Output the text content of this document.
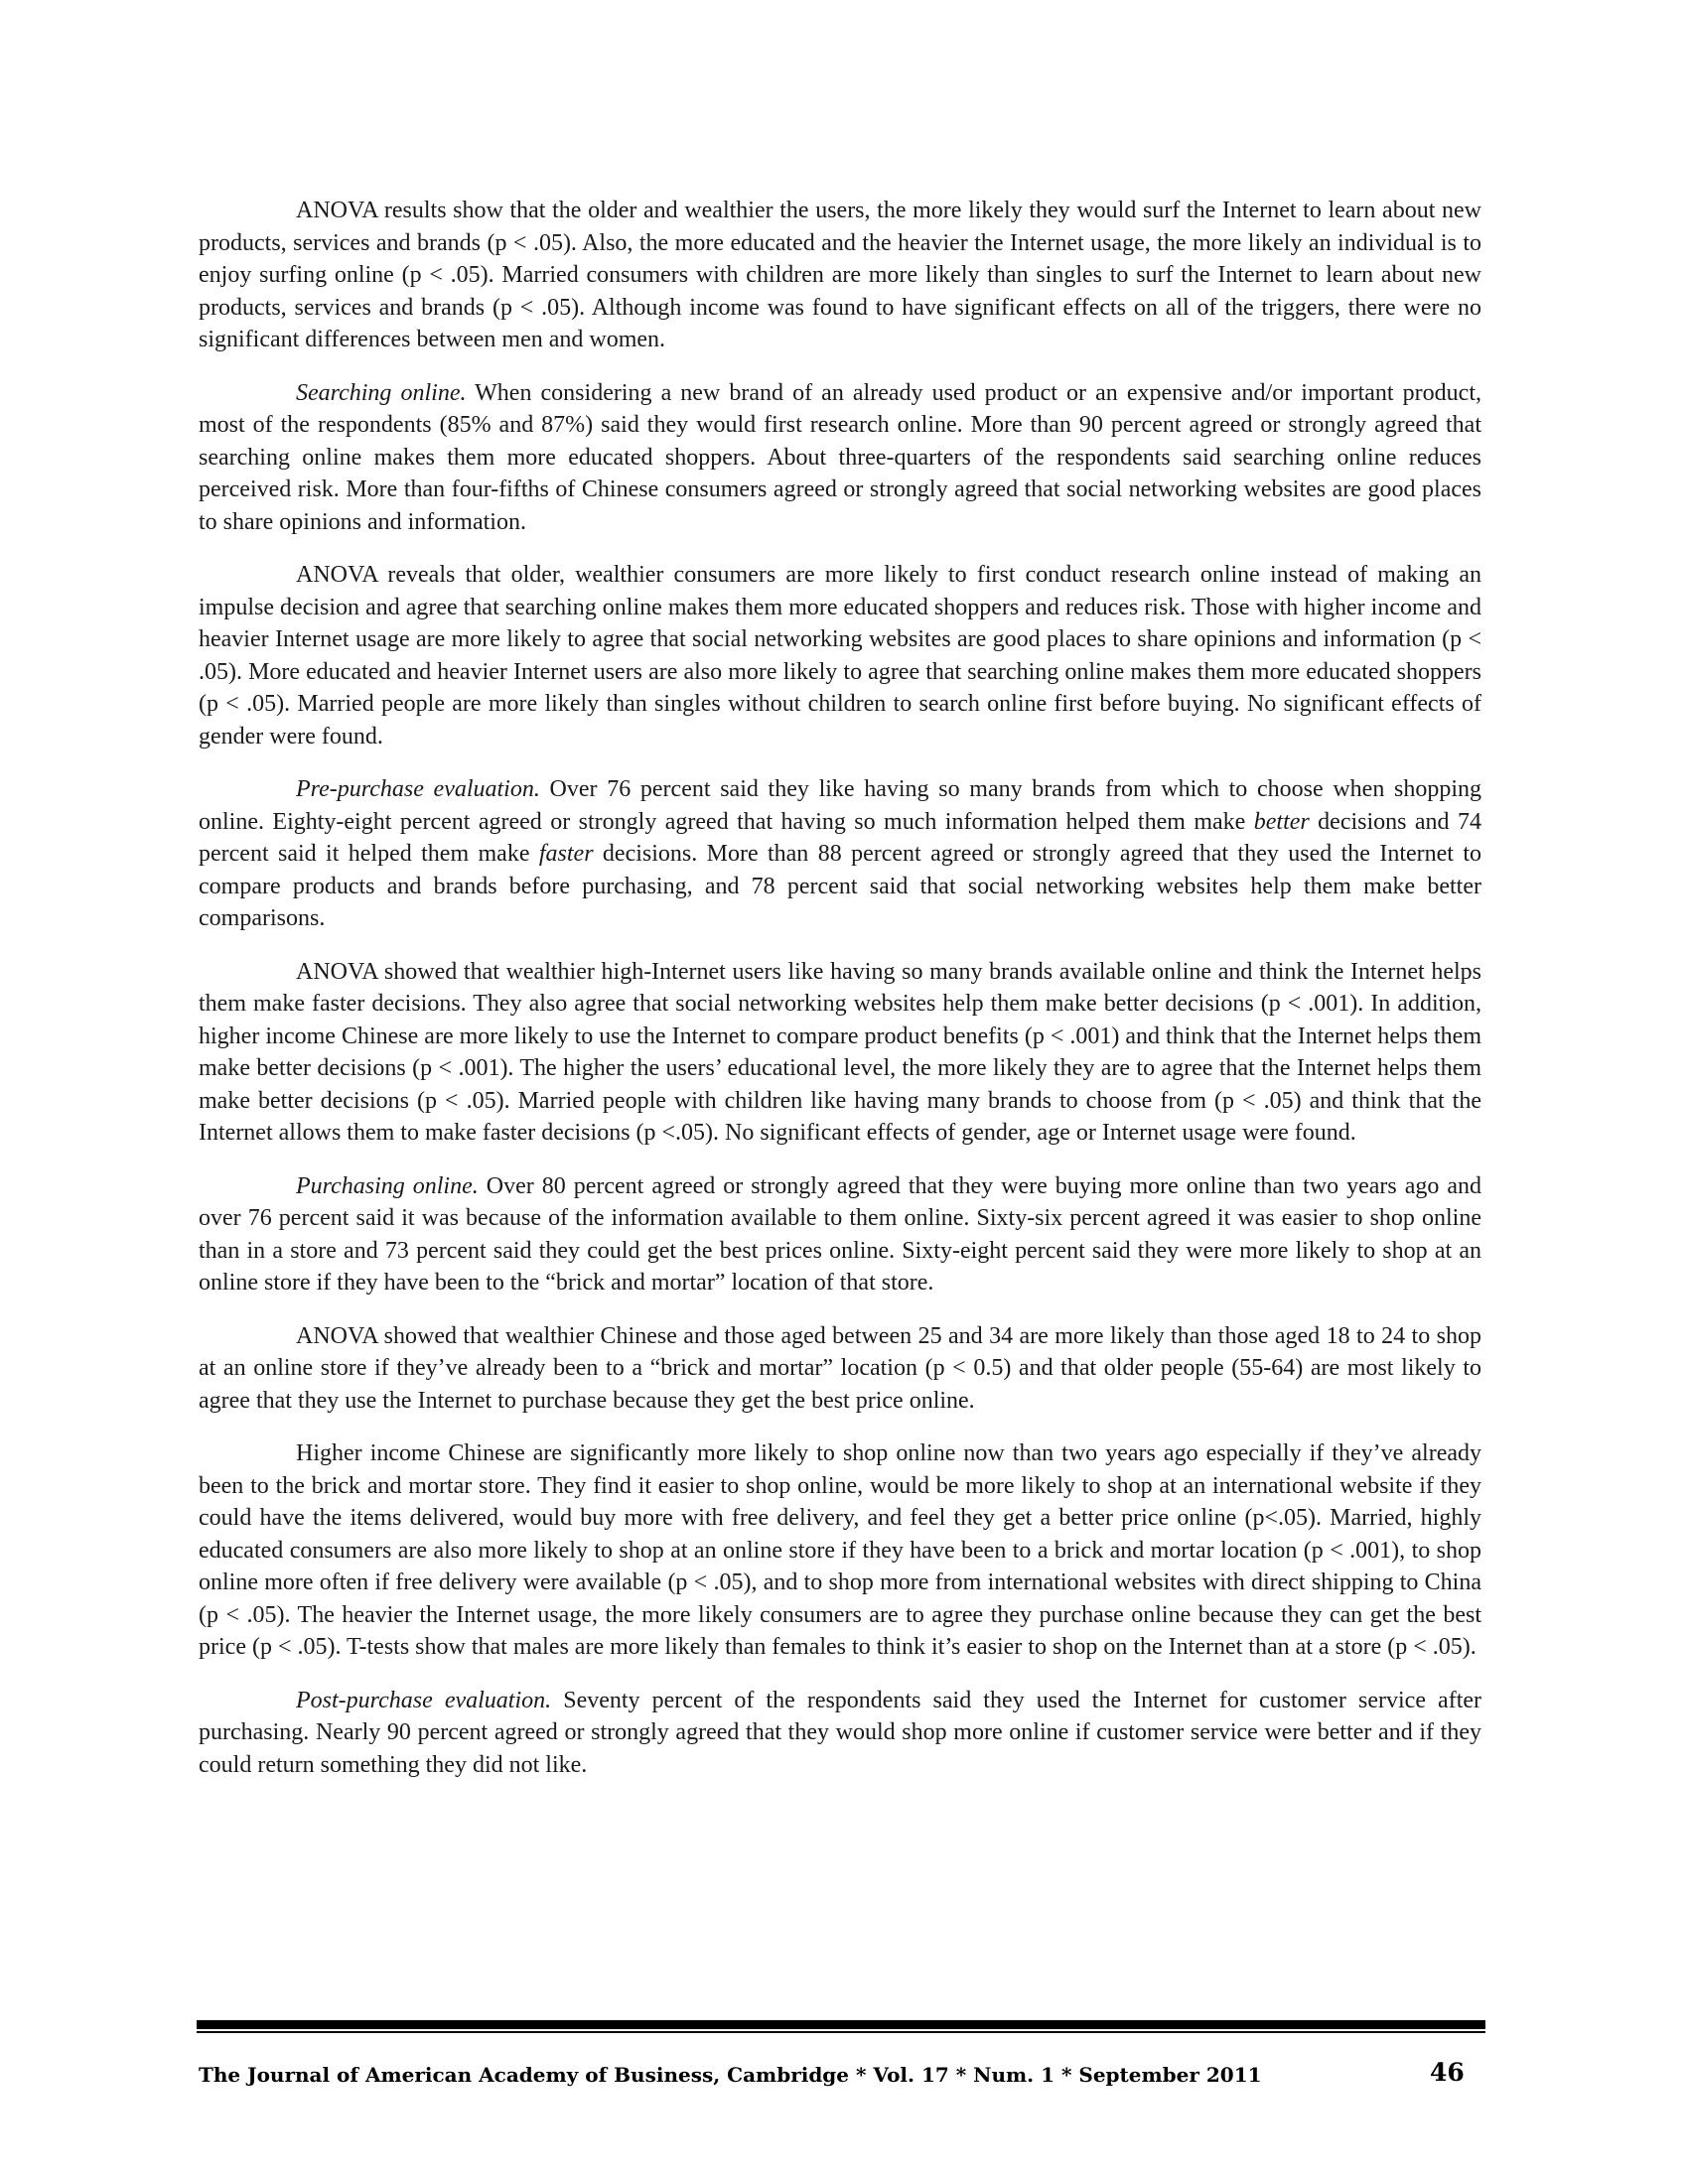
ANOVA results show that the older and wealthier the users, the more likely they would surf the Internet to learn about new products, services and brands (p < .05). Also, the more educated and the heavier the Internet usage, the more likely an individual is to enjoy surfing online (p < .05). Married consumers with children are more likely than singles to surf the Internet to learn about new products, services and brands (p < .05). Although income was found to have significant effects on all of the triggers, there were no significant differences between men and women.

Searching online. When considering a new brand of an already used product or an expensive and/or important product, most of the respondents (85% and 87%) said they would first research online. More than 90 percent agreed or strongly agreed that searching online makes them more educated shoppers. About three-quarters of the respondents said searching online reduces perceived risk. More than four-fifths of Chinese consumers agreed or strongly agreed that social networking websites are good places to share opinions and information.

ANOVA reveals that older, wealthier consumers are more likely to first conduct research online instead of making an impulse decision and agree that searching online makes them more educated shoppers and reduces risk. Those with higher income and heavier Internet usage are more likely to agree that social networking websites are good places to share opinions and information (p < .05). More educated and heavier Internet users are also more likely to agree that searching online makes them more educated shoppers (p < .05). Married people are more likely than singles without children to search online first before buying. No significant effects of gender were found.

Pre-purchase evaluation. Over 76 percent said they like having so many brands from which to choose when shopping online. Eighty-eight percent agreed or strongly agreed that having so much information helped them make better decisions and 74 percent said it helped them make faster decisions. More than 88 percent agreed or strongly agreed that they used the Internet to compare products and brands before purchasing, and 78 percent said that social networking websites help them make better comparisons.

ANOVA showed that wealthier high-Internet users like having so many brands available online and think the Internet helps them make faster decisions. They also agree that social networking websites help them make better decisions (p < .001). In addition, higher income Chinese are more likely to use the Internet to compare product benefits (p < .001) and think that the Internet helps them make better decisions (p < .001). The higher the users’ educational level, the more likely they are to agree that the Internet helps them make better decisions (p < .05). Married people with children like having many brands to choose from (p < .05) and think that the Internet allows them to make faster decisions (p <.05). No significant effects of gender, age or Internet usage were found.

Purchasing online. Over 80 percent agreed or strongly agreed that they were buying more online than two years ago and over 76 percent said it was because of the information available to them online. Sixty-six percent agreed it was easier to shop online than in a store and 73 percent said they could get the best prices online. Sixty-eight percent said they were more likely to shop at an online store if they have been to the “brick and mortar” location of that store.

ANOVA showed that wealthier Chinese and those aged between 25 and 34 are more likely than those aged 18 to 24 to shop at an online store if they’ve already been to a “brick and mortar” location (p < 0.5) and that older people (55-64) are most likely to agree that they use the Internet to purchase because they get the best price online.

Higher income Chinese are significantly more likely to shop online now than two years ago especially if they’ve already been to the brick and mortar store. They find it easier to shop online, would be more likely to shop at an international website if they could have the items delivered, would buy more with free delivery, and feel they get a better price online (p<.05). Married, highly educated consumers are also more likely to shop at an online store if they have been to a brick and mortar location (p < .001), to shop online more often if free delivery were available (p < .05), and to shop more from international websites with direct shipping to China (p < .05). The heavier the Internet usage, the more likely consumers are to agree they purchase online because they can get the best price (p < .05). T-tests show that males are more likely than females to think it’s easier to shop on the Internet than at a store (p < .05).

Post-purchase evaluation. Seventy percent of the respondents said they used the Internet for customer service after purchasing. Nearly 90 percent agreed or strongly agreed that they would shop more online if customer service were better and if they could return something they did not like.

The Journal of American Academy of Business, Cambridge * Vol. 17 * Num. 1 * September 2011	46
